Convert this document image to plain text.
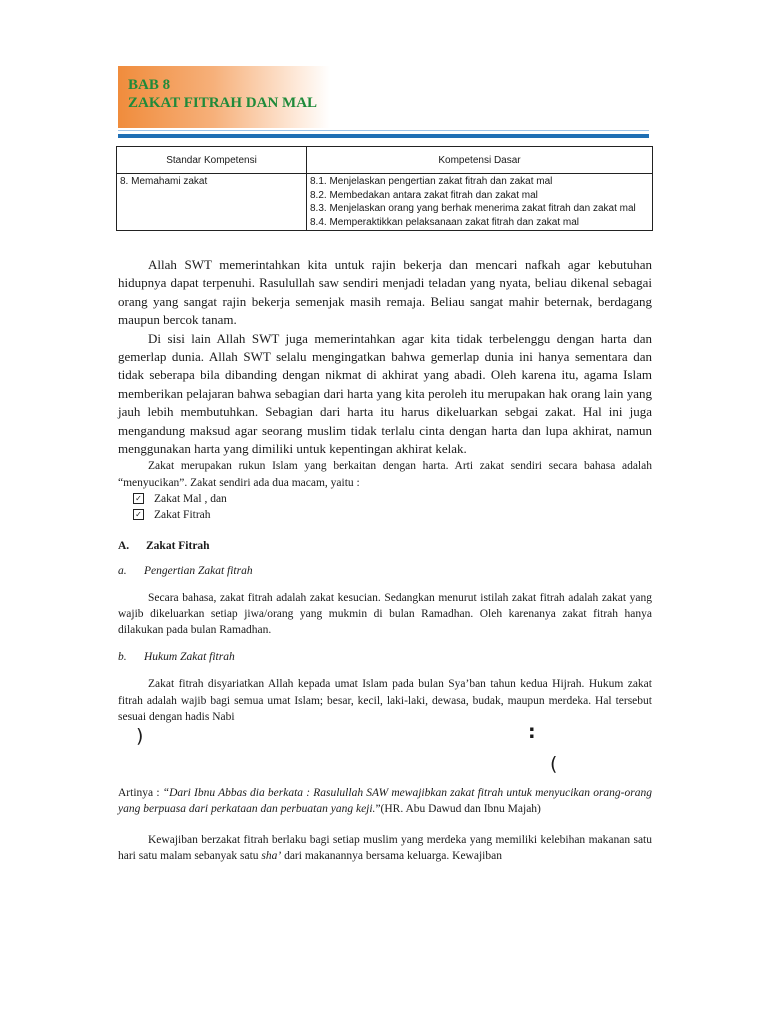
BAB 8
ZAKAT FITRAH DAN MAL
Standar Kompetensi	Kompetensi Dasar
8. Memahami zakat	8.1. Menjelaskan pengertian zakat fitrah dan zakat mal
8.2. Membedakan antara zakat fitrah dan zakat mal
8.3. Menjelaskan orang yang berhak menerima zakat fitrah dan zakat mal
8.4. Memperaktikkan pelaksanaan zakat fitrah dan zakat mal

Allah SWT memerintahkan kita untuk rajin bekerja dan mencari nafkah agar kebutuhan hidupnya dapat terpenuhi. Rasulullah saw sendiri menjadi teladan yang nyata, beliau dikenal sebagai orang yang sangat rajin bekerja semenjak masih remaja. Beliau sangat mahir beternak, berdagang maupun bercok tanam.

Di sisi lain Allah SWT juga memerintahkan agar kita tidak terbelenggu dengan harta dan gemerlap dunia. Allah SWT selalu mengingatkan bahwa gemerlap dunia ini hanya sementara dan tidak seberapa bila dibanding dengan nikmat di akhirat yang abadi. Oleh karena itu, agama Islam memberikan pelajaran bahwa sebagian dari harta yang kita peroleh itu merupakan hak orang lain yang jauh lebih membutuhkan. Sebagian dari harta itu harus dikeluarkan sebgai zakat. Hal ini juga mengandung maksud agar seorang muslim tidak terlalu cinta dengan harta dan lupa akhirat, namun menggunakan harta yang dimiliki untuk kepentingan akhirat kelak.

Zakat merupakan rukun Islam yang berkaitan dengan harta. Arti zakat sendiri secara bahasa adalah “menyucikan”. Zakat sendiri ada dua macam, yaitu :

✓ Zakat Mal , dan
✓ Zakat Fitrah

A. Zakat Fitrah

a. Pengertian Zakat fitrah

Secara bahasa, zakat fitrah adalah zakat kesucian. Sedangkan menurut istilah zakat fitrah adalah zakat yang wajib dikeluarkan setiap jiwa/orang yang mukmin di bulan Ramadhan. Oleh karenanya zakat fitrah hanya dilakukan pada bulan Ramadhan.

b. Hukum Zakat fitrah

Zakat fitrah disyariatkan Allah kepada umat Islam pada bulan Sya’ban tahun kedua Hijrah. Hukum zakat fitrah adalah wajib bagi semua umat Islam; besar, kecil, laki-laki, dewasa, budak, maupun merdeka. Hal tersebut sesuai dengan hadis Nabi

)	:
(

Artinya : “Dari Ibnu Abbas dia berkata : Rasulullah SAW mewajibkan zakat fitrah untuk menyucikan orang-orang yang berpuasa dari perkataan dan perbuatan yang keji.”(HR. Abu Dawud dan Ibnu Majah)

Kewajiban berzakat fitrah berlaku bagi setiap muslim yang merdeka yang memiliki kelebihan makanan satu hari satu malam sebanyak satu sha’ dari makanannya bersama keluarga. Kewajiban
